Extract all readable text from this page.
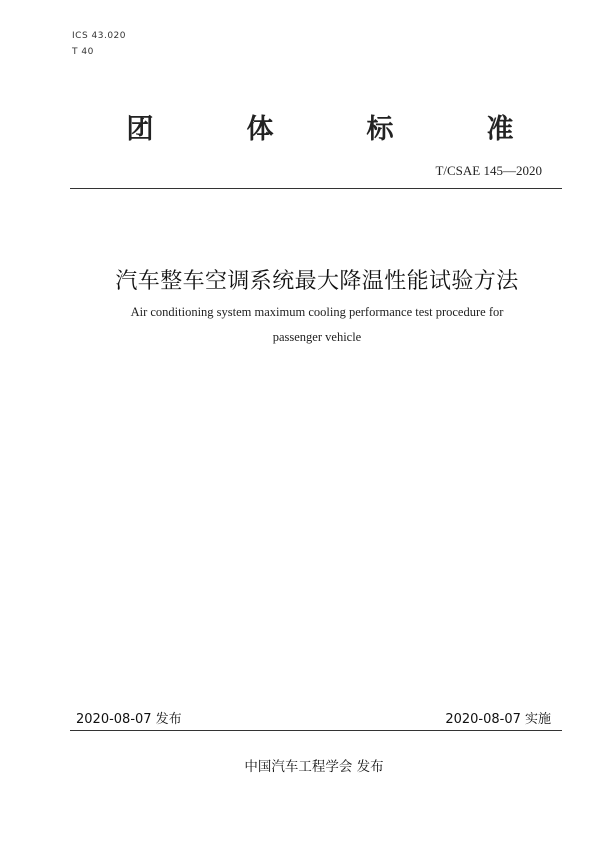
ICS 43.020
T 40
团	体	标	准
T/CSAE 145—2020
汽车整车空调系统最大降温性能试验方法
Air conditioning system maximum cooling performance test procedure for
passenger vehicle
2020-08-07 发布	2020-08-07 实施
中国汽车工程学会 发布
